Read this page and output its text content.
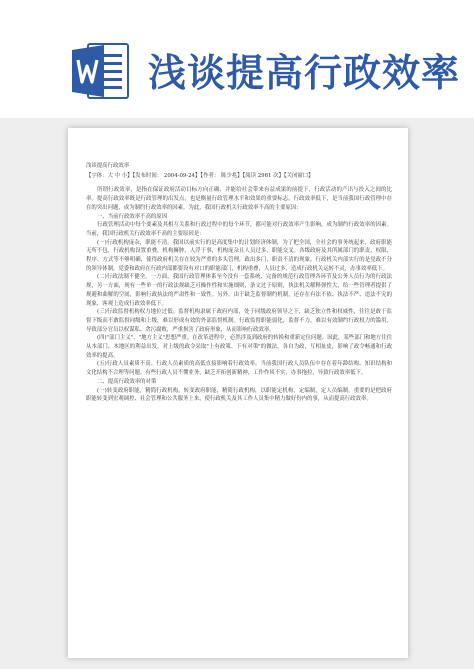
浅谈提高行政效率

浅谈提高行政效率

【字体：大 中 小】【发布时间： 2004-09-24】【作者： 陈少兆】【阅读 2961 次】【关闭窗口】

所谓行政效率，是指在保证政府活动目标方向正确、并能给社会带来有益成果的前提下，行政活动的产出与投入之间的比率。提高行政效率既是行政管理的出发点，也是衡量行政管理水平和效果的重要标志。行政效率低下，是当前我国行政管理中存在的突出问题，成为制约行政效率的因素。为此，我国行政机关行政效率不高的主要原因：

一、当前行政效率不高的原因

行政管理活动中每个要素及其相互关系和行政过程中的每个环节，都可能对行政效率产生影响，成为制约行政效率的因素。当前，我国行政机关行政效率不高的主要原因是：

(一)行政机构庞杂，职能不清。我国以前实行的是高度集中的计划经济体制，为了把全国，全社会的事务统起来，政府职能无所不包，行政机构设置重叠，机构臃肿，人浮于事，机构庞杂且人员过多，职能交叉。各级政府及其所属部门的职责、权限、程序、方式等不够明确，使得政府机关存在较为严重的多头管理，政出多门，职责不清的现象。行政机关内部实行的是党政不分的领导体制，党委和政府在行政内部都要设有对口的职能部门，机构重叠，人员过多，造成行政机关运转不灵，办事效率低下。

(二)行政法制不健全。一方面，我国行政管理体系至今没有一套系统、完备的规范行政管理各环节及公务人员行为的行政法规，另一方面，现有一些单一的行政法规缺乏可操作性和实施细则，条文过于原则，执法机关解释弹性大，给一些管理者提供了规避和曲解的空间，影响行政执法的严肃性和一致性。另外，由于缺乏监督制约机制，还存在有法不依、执法不严、违法不究的现象，客观上造成行政效率低下。

(三)行政监督机构权力地位过低。监督机构隶属于政府内部，处于同级政府领导之下，缺乏独立性和权威性，往往是敢于监督下级而不敢监督同级和上级，难以形成有效的外部监督机制。行政监督职能弱化，监督不力，难以有效制约行政权力的滥用，导致部分官员以权谋私、贪污腐败，严重损害了政府形象，从而影响行政效率。

(四)"部门主义"、"地方主义"思想严重。在改革进程中，必然涉及到政府的转换和重新定位问题。因此，某些部门和地方往往从本部门、本地区的利益出发，对上级的政令采取"上有政策、下有对策"的做法，各自为政，互相扯皮，影响了政令畅通和行政效率的提高。

(五)行政人员素质不高。行政人员素质的高低直接影响着行政效率。当前我国行政人员队伍中存在着年龄结构、知识结构和文化结构不合理等问题。有些行政人员不懂业务，缺乏开拓创新精神，工作作风不实，办事拖拉，导致行政效率低下。

二、提高行政效率的对策

(一)转变政府职能，精简行政机构。转变政府职能，精简行政机构，以职能定机构，定编制，定人员编制。重要的是把政府职能转变到宏观调控、社会管理和公共服务上来，使行政机关及其工作人员集中精力做好份内的事，从而提高行政效率。
